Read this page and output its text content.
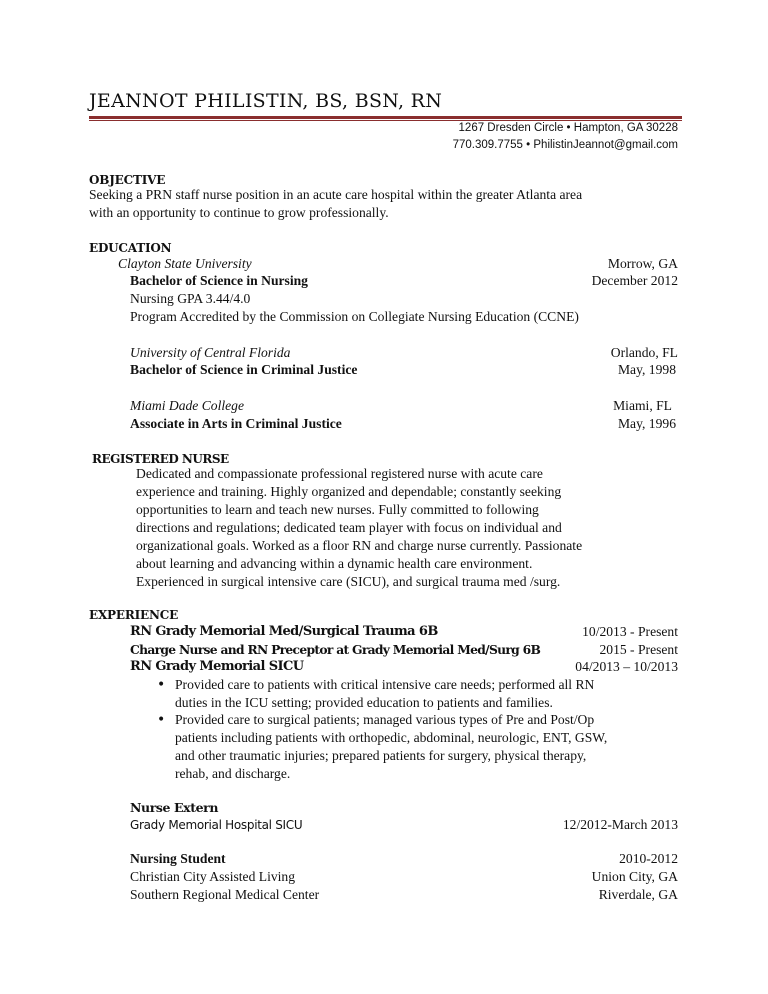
JEANNOT PHILISTIN, BS, BSN, RN
1267 Dresden Circle • Hampton, GA 30228
770.309.7755 • PhilistinJeannot@gmail.com
OBJECTIVE
Seeking a PRN staff nurse position in an acute care hospital within the greater Atlanta area
with an opportunity to continue to grow professionally.
EDUCATION
Clayton State University	Morrow, GA
Bachelor of Science in Nursing	December 2012
Nursing GPA 3.44/4.0
Program Accredited by the Commission on Collegiate Nursing Education (CCNE)
University of Central Florida	Orlando, FL
Bachelor of Science in Criminal Justice	May, 1998
Miami Dade College	Miami, FL
Associate in Arts in Criminal Justice	May, 1996
REGISTERED NURSE
Dedicated and compassionate professional registered nurse with acute care
experience and training. Highly organized and dependable; constantly seeking
opportunities to learn and teach new nurses. Fully committed to following
directions and regulations; dedicated team player with focus on individual and
organizational goals. Worked as a floor RN and charge nurse currently. Passionate
about learning and advancing within a dynamic health care environment.
Experienced in surgical intensive care (SICU), and surgical trauma med /surg.
EXPERIENCE
RN Grady Memorial Med/Surgical Trauma 6B	10/2013 - Present
Charge Nurse and RN Preceptor at Grady Memorial Med/Surg 6B	2015 - Present
RN Grady Memorial SICU	04/2013 – 10/2013
• Provided care to patients with critical intensive care needs; performed all RN
duties in the ICU setting; provided education to patients and families.
• Provided care to surgical patients; managed various types of Pre and Post/Op
patients including patients with orthopedic, abdominal, neurologic, ENT, GSW,
and other traumatic injuries; prepared patients for surgery, physical therapy,
rehab, and discharge.
Nurse Extern
Grady Memorial Hospital SICU	12/2012-March 2013
Nursing Student	2010-2012
Christian City Assisted Living	Union City, GA
Southern Regional Medical Center	Riverdale, GA
